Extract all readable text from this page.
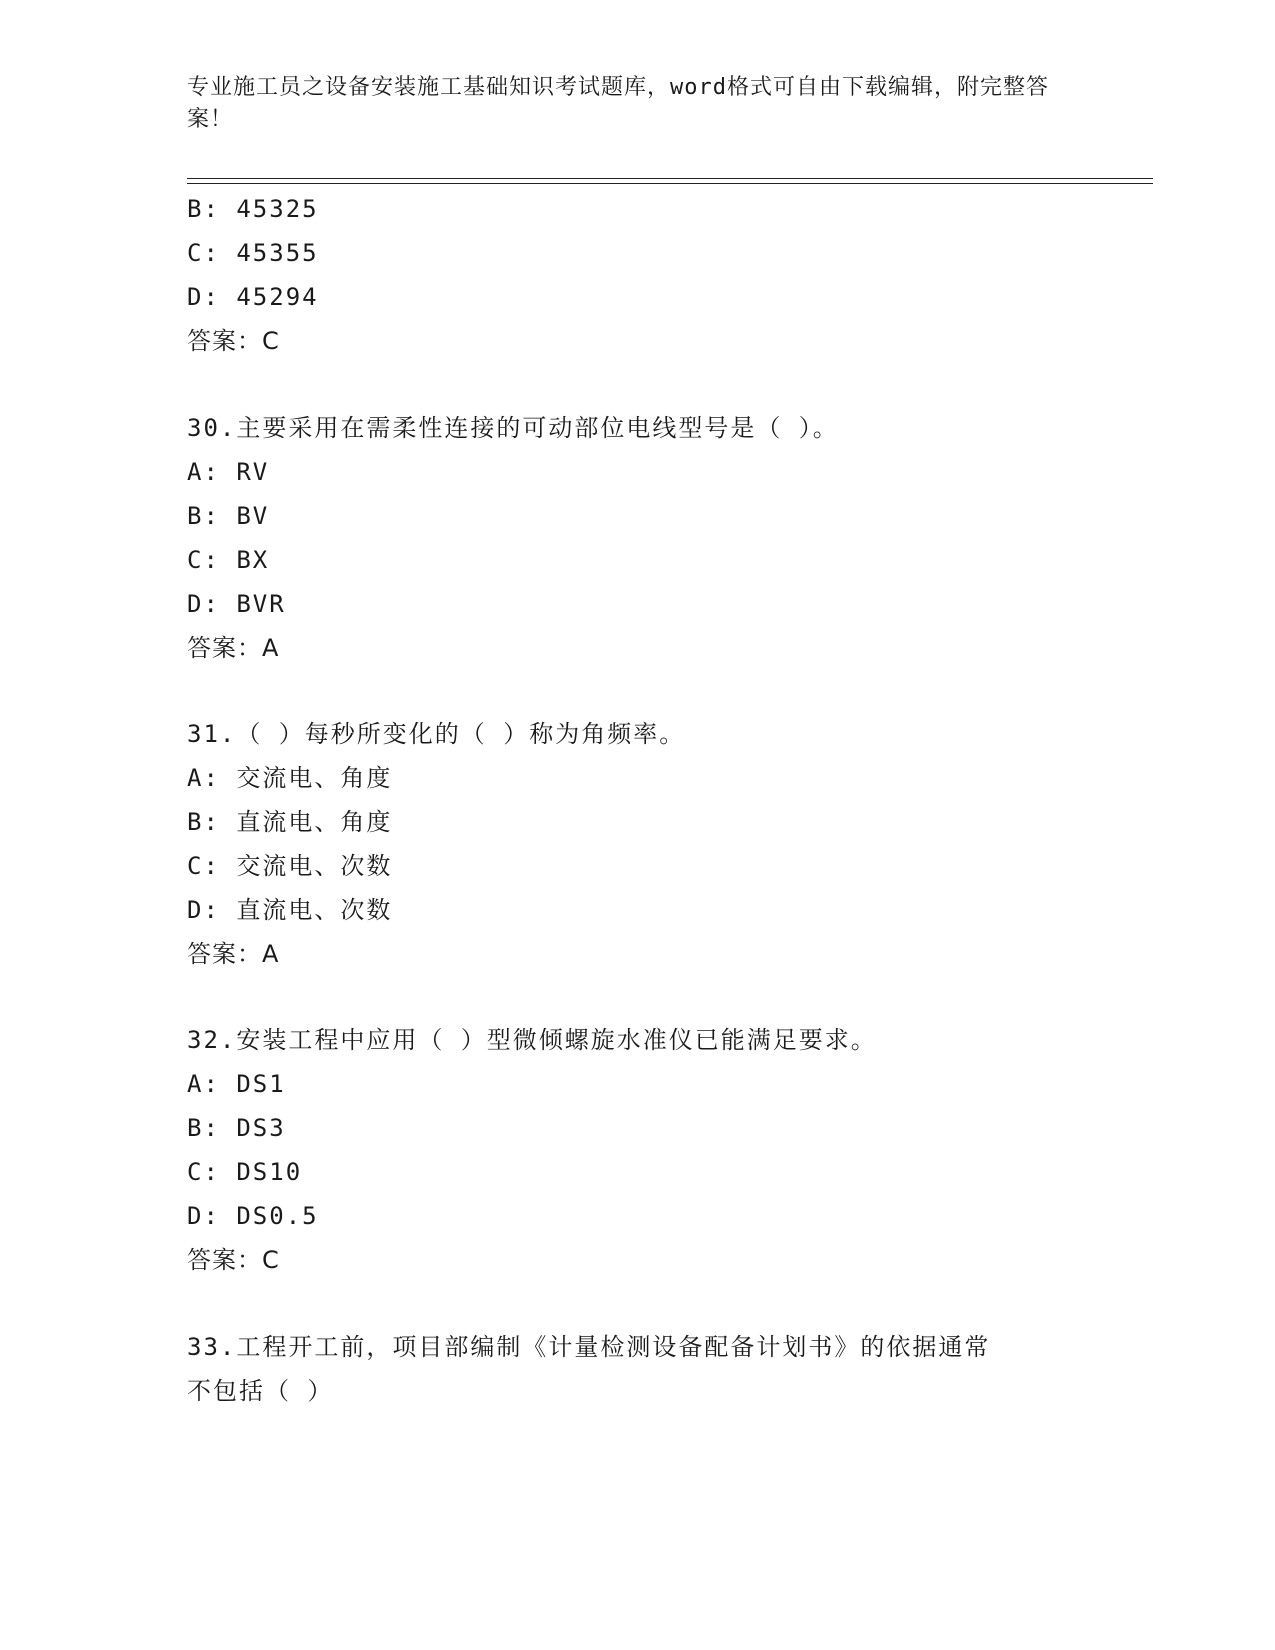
专业施工员之设备安装施工基础知识考试题库，word格式可自由下载编辑，附完整答案！
B: 45325
C: 45355
D: 45294
答案：C
30.主要采用在需柔性连接的可动部位电线型号是（ ）。
A: RV
B: BV
C: BX
D: BVR
答案：A
31.（ ）每秒所变化的（ ）称为角频率。
A: 交流电、角度
B: 直流电、角度
C: 交流电、次数
D: 直流电、次数
答案：A
32.安装工程中应用（ ）型微倾螺旋水准仪已能满足要求。
A: DS1
B: DS3
C: DS10
D: DS0.5
答案：C
33.工程开工前，项目部编制《计量检测设备配备计划书》的依据通常
不包括（ ）
